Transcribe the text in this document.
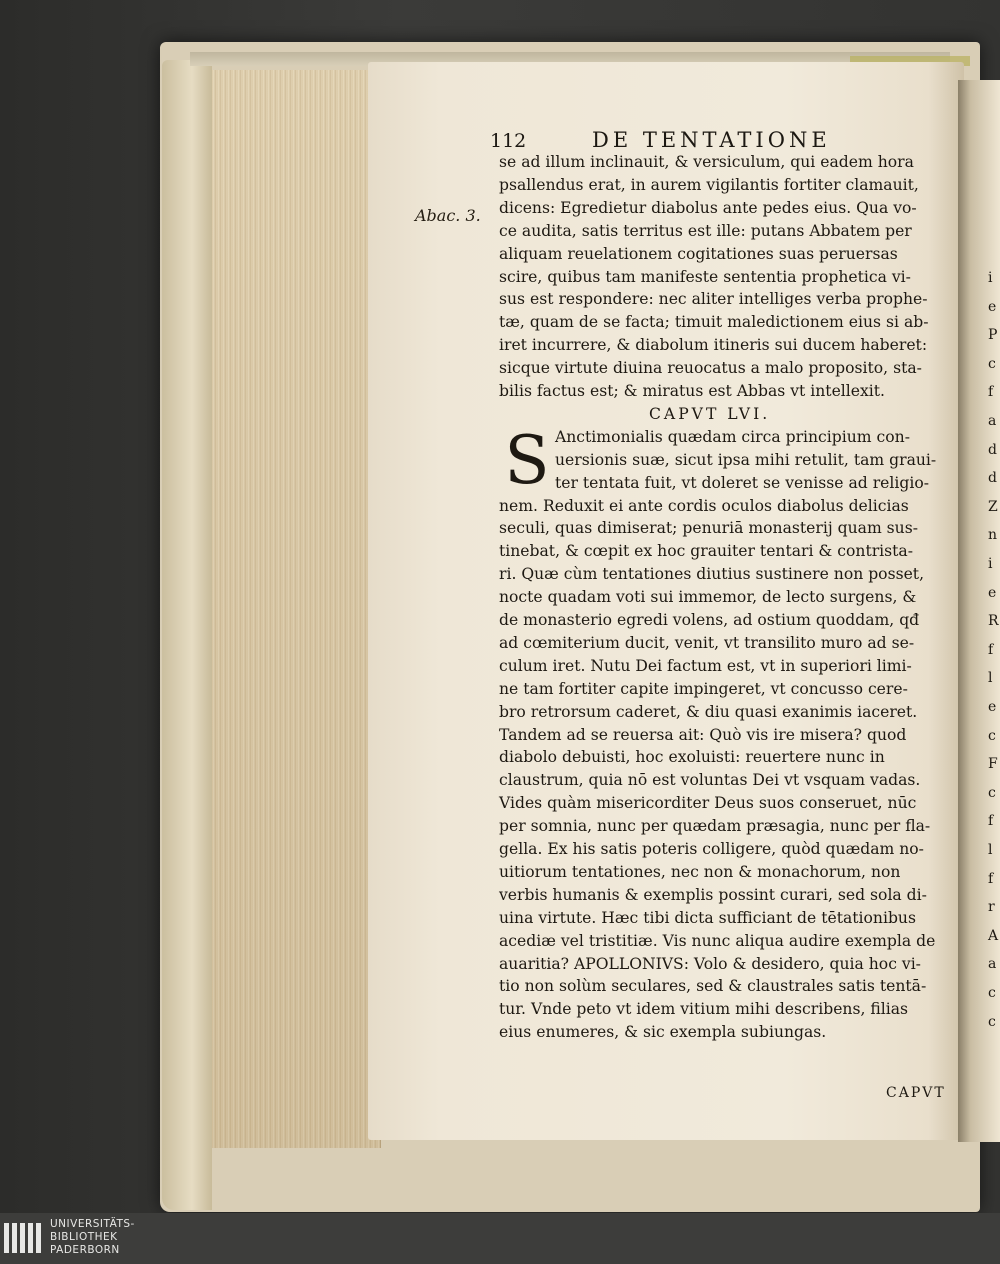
112	DE TENTATIONE
Abac. 3.
se ad illum inclinauit, & versiculum, qui eadem hora
psallendus erat, in aurem vigilantis fortiter clamauit,
dicens: Egredietur diabolus ante pedes eius. Qua vo-
ce audita, satis territus est ille: putans Abbatem per
aliquam reuelationem cogitationes suas peruersas
scire, quibus tam manifeste sententia prophetica vi-
sus est respondere: nec aliter intelliges verba prophe-
tæ, quam de se facta; timuit maledictionem eius si ab-
iret incurrere, & diabolum itineris sui ducem haberet:
sicque virtute diuina reuocatus a malo proposito, sta-
bilis factus est; & miratus est Abbas vt intellexit.
CAPVT LVI.
Anctimonialis quædam circa principium con-
uersionis suæ, sicut ipsa mihi retulit, tam graui-
ter tentata fuit, vt doleret se venisse ad religio-
nem. Reduxit ei ante cordis oculos diabolus delicias
seculi, quas dimiserat; penuriā monasterij quam sus-
tinebat, & cœpit ex hoc grauiter tentari & contrista-
ri. Quæ cùm tentationes diutius sustinere non posset,
nocte quadam voti sui immemor, de lecto surgens, &
de monasterio egredi volens, ad ostium quoddam, qđ
ad cœmiterium ducit, venit, vt transilito muro ad se-
culum iret. Nutu Dei factum est, vt in superiori limi-
ne tam fortiter capite impingeret, vt concusso cere-
bro retrorsum caderet, & diu quasi exanimis iaceret.
Tandem ad se reuersa ait: Quò vis ire misera? quod
diabolo debuisti, hoc exoluisti: reuertere nunc in
claustrum, quia nō est voluntas Dei vt vsquam vadas.
Vides quàm misericorditer Deus suos conseruet, nūc
per somnia, nunc per quædam præsagia, nunc per fla-
gella. Ex his satis poteris colligere, quòd quædam no-
uitiorum tentationes, nec non & monachorum, non
verbis humanis & exemplis possint curari, sed sola di-
uina virtute. Hæc tibi dicta sufficiant de tētationibus
acediæ vel tristitiæ. Vis nunc aliqua audire exempla de
auaritia? APOLLONIVS: Volo & desidero, quia hoc vi-
tio non solùm seculares, sed & claustrales satis tentā-
tur. Vnde peto vt idem vitium mihi describens, filias
eius enumeres, & sic exempla subiungas.
S
CAPVT
i
e
P
c
f
a
d
d
Z
n
i
e
R
f
l
e
c
F
c
f
l
f
r
A
a
c
c
UNIVERSITÄTS-
BIBLIOTHEK
PADERBORN
